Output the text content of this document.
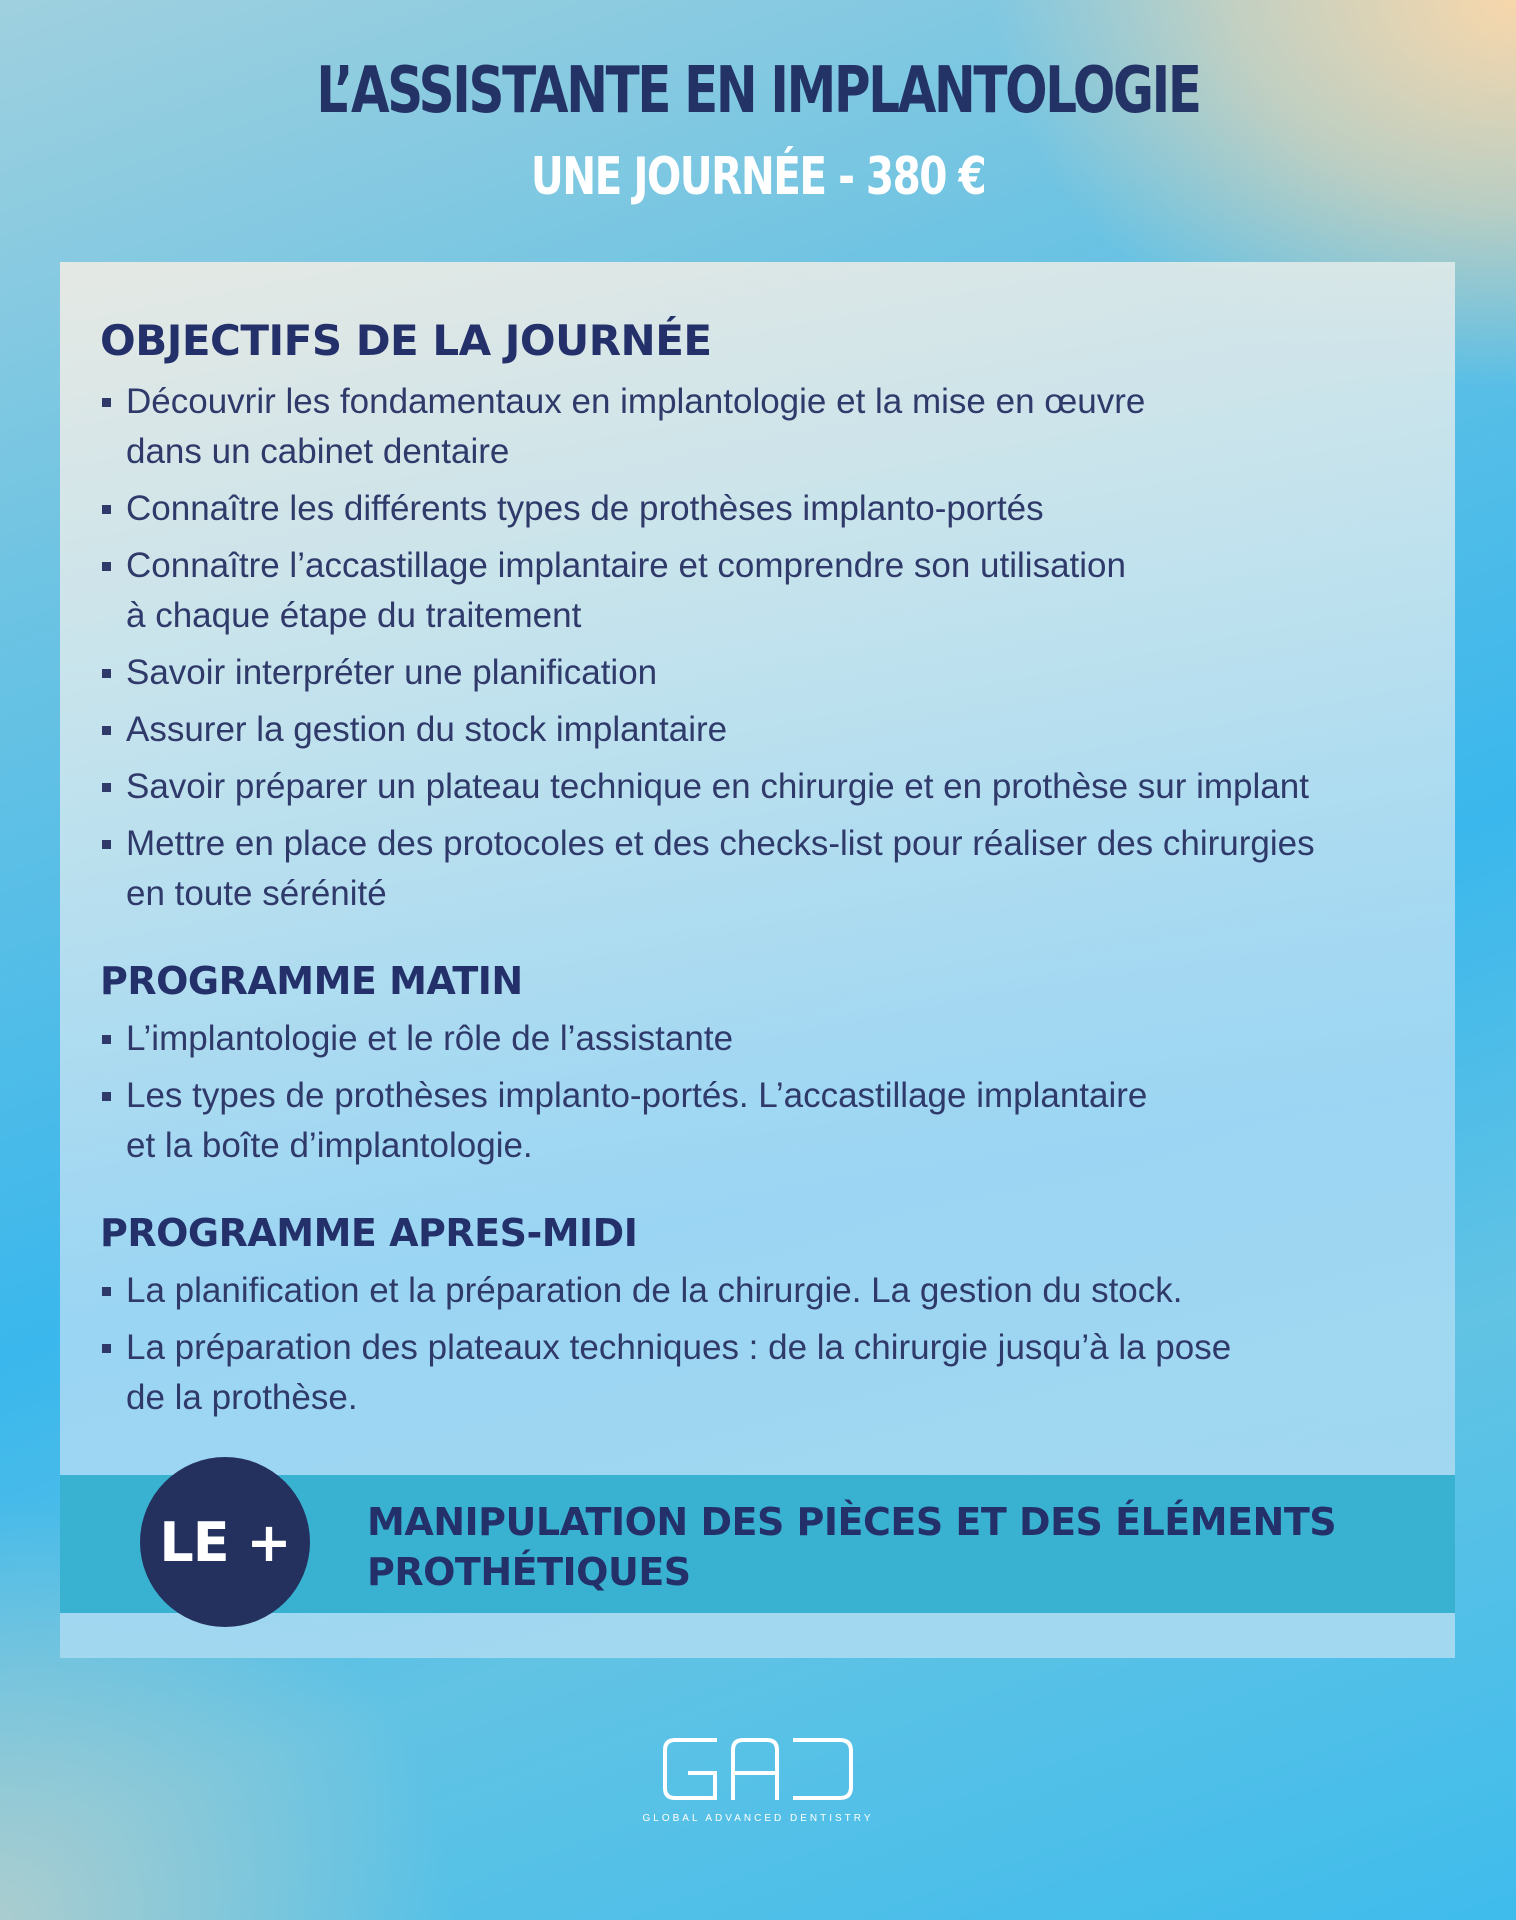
L’ASSISTANTE EN IMPLANTOLOGIE
UNE JOURNÉE - 380 €
OBJECTIFS DE LA JOURNÉE
Découvrir les fondamentaux en implantologie et la mise en œuvre
dans un cabinet dentaire
Connaître les différents types de prothèses implanto-portés
Connaître l’accastillage implantaire et comprendre son utilisation
à chaque étape du traitement
Savoir interpréter une planification
Assurer la gestion du stock implantaire
Savoir préparer un plateau technique en chirurgie et en prothèse sur implant
Mettre en place des protocoles et des checks-list pour réaliser des chirurgies
en toute sérénité
PROGRAMME MATIN
L’implantologie et le rôle de l’assistante
Les types de prothèses implanto-portés. L’accastillage implantaire
et la boîte d’implantologie.
PROGRAMME APRES-MIDI
La planification et la préparation de la chirurgie. La gestion du stock.
La préparation des plateaux techniques : de la chirurgie jusqu’à la pose
de la prothèse.
LE + MANIPULATION DES PIÈCES ET DES ÉLÉMENTS
PROTHÉTIQUES

GLOBAL ADVANCED DENTISTRY
